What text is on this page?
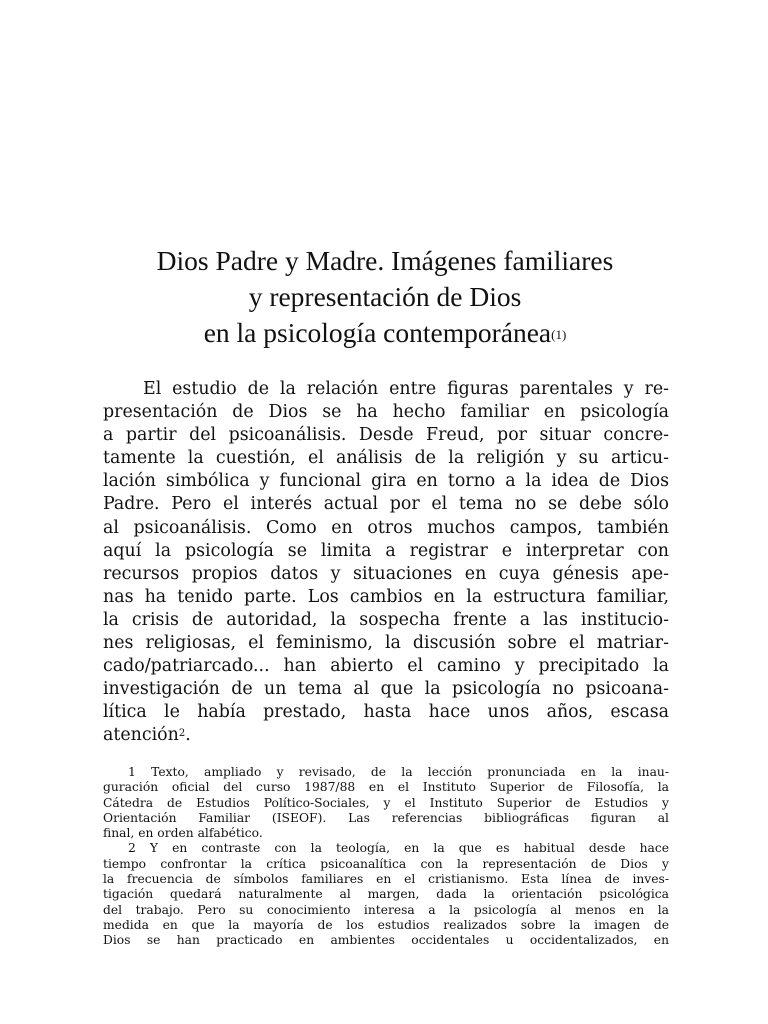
Dios Padre y Madre. Imágenes familiares
y representación de Dios
en la psicología contemporánea$^{(1)}$
El estudio de la relación entre figuras parentales y re-
presentación de Dios se ha hecho familiar en psicología
a partir del psicoanálisis. Desde Freud, por situar concre-
tamente la cuestión, el análisis de la religión y su articu-
lación simbólica y funcional gira en torno a la idea de Dios
Padre. Pero el interés actual por el tema no se debe sólo
al psicoanálisis. Como en otros muchos campos, también
aquí la psicología se limita a registrar e interpretar con
recursos propios datos y situaciones en cuya génesis ape-
nas ha tenido parte. Los cambios en la estructura familiar,
la crisis de autoridad, la sospecha frente a las institucio-
nes religiosas, el feminismo, la discusión sobre el matriar-
cado/patriarcado... han abierto el camino y precipitado la
investigación de un tema al que la psicología no psicoana-
lítica le había prestado, hasta hace unos años, escasa
atención$^2$.
1 Texto, ampliado y revisado, de la lección pronunciada en la inau-
guración oficial del curso 1987/88 en el Instituto Superior de Filosofía, la
Cátedra de Estudios Político-Sociales, y el Instituto Superior de Estudios y
Orientación Familiar (ISEOF). Las referencias bibliográficas figuran al
final, en orden alfabético.
2 Y en contraste con la teología, en la que es habitual desde hace
tiempo confrontar la crítica psicoanalítica con la representación de Dios y
la frecuencia de símbolos familiares en el cristianismo. Esta línea de inves-
tigación quedará naturalmente al margen, dada la orientación psicológica
del trabajo. Pero su conocimiento interesa a la psicología al menos en la
medida en que la mayoría de los estudios realizados sobre la imagen de
Dios se han practicado en ambientes occidentales u occidentalizados, en
